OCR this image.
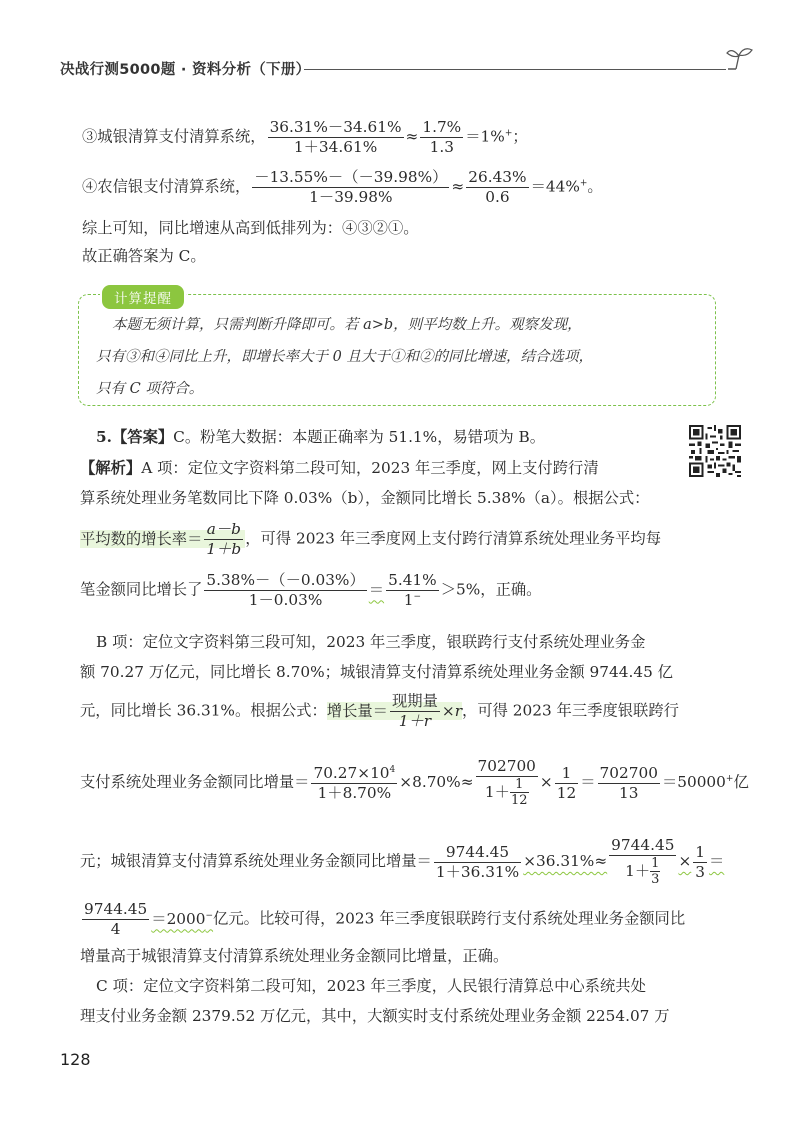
决战行测5000题 · 资料分析（下册）
③城银清算支付清算系统， $\frac{36.31\%-34.61\%}{1+34.61\%} \approx \frac{1.7\%}{1.3} =1\%^+$；
④农信银支付清算系统， $\frac{-13.55\%-(-39.98\%)}{1-39.98\%} \approx \frac{26.43\%}{0.6} =44\%^+$。
综上可知，同比增速从高到低排列为：④③②①。
故正确答案为 C。
计算提醒
本题无须计算，只需判断升降即可。若 a>b，则平均数上升。观察发现，
只有③和④同比上升，即增长率大于 0 且大于①和②的同比增速，结合选项，
只有 C 项符合。
5.【答案】C。粉笔大数据：本题正确率为 51.1%，易错项为 B。
【解析】A 项：定位文字资料第二段可知，2023 年三季度，网上支付跨行清
算系统处理业务笔数同比下降 0.03%（b），金额同比增长 5.38%（a）。根据公式：
平均数的增长率＝ $\frac{a-b}{1+b}$ ，可得 2023 年三季度网上支付跨行清算系统处理业务平均每
笔金额同比增长了 $\frac{5.38\%-(-0.03\%)}{1-0.03\%} = \frac{5.41\%}{1^-} >5\%$，正确。
B 项：定位文字资料第三段可知，2023 年三季度，银联跨行支付系统处理业务金
额 70.27 万亿元，同比增长 8.70%；城银清算支付清算系统处理业务金额 9744.45 亿
元，同比增长 36.31%。根据公式：增长量＝ $\frac{\text{现期量}}{1+r} \times r$，可得 2023 年三季度银联跨行
支付系统处理业务金额同比增量＝ $\frac{70.27\times 10^4}{1+8.70\%} \times 8.70\%\approx \frac{702700}{1+ \frac{1}{12}} \times \frac{1}{12} = \frac{702700}{13} =50000^+$亿
元；城银清算支付清算系统处理业务金额同比增量＝ $\frac{9744.45}{1+36.31\%} \times 36.31\%\approx \frac{9744.45}{1+ \frac{1}{3}} \times \frac{1}{3}$ ＝
$\frac{9744.45}{4} =2000^-$亿元。比较可得，2023 年三季度银联跨行支付系统处理业务金额同比
增量高于城银清算支付清算系统处理业务金额同比增量，正确。
C 项：定位文字资料第二段可知，2023 年三季度，人民银行清算总中心系统共处
理支付业务金额 2379.52 万亿元，其中，大额实时支付系统处理业务金额 2254.07 万
128
